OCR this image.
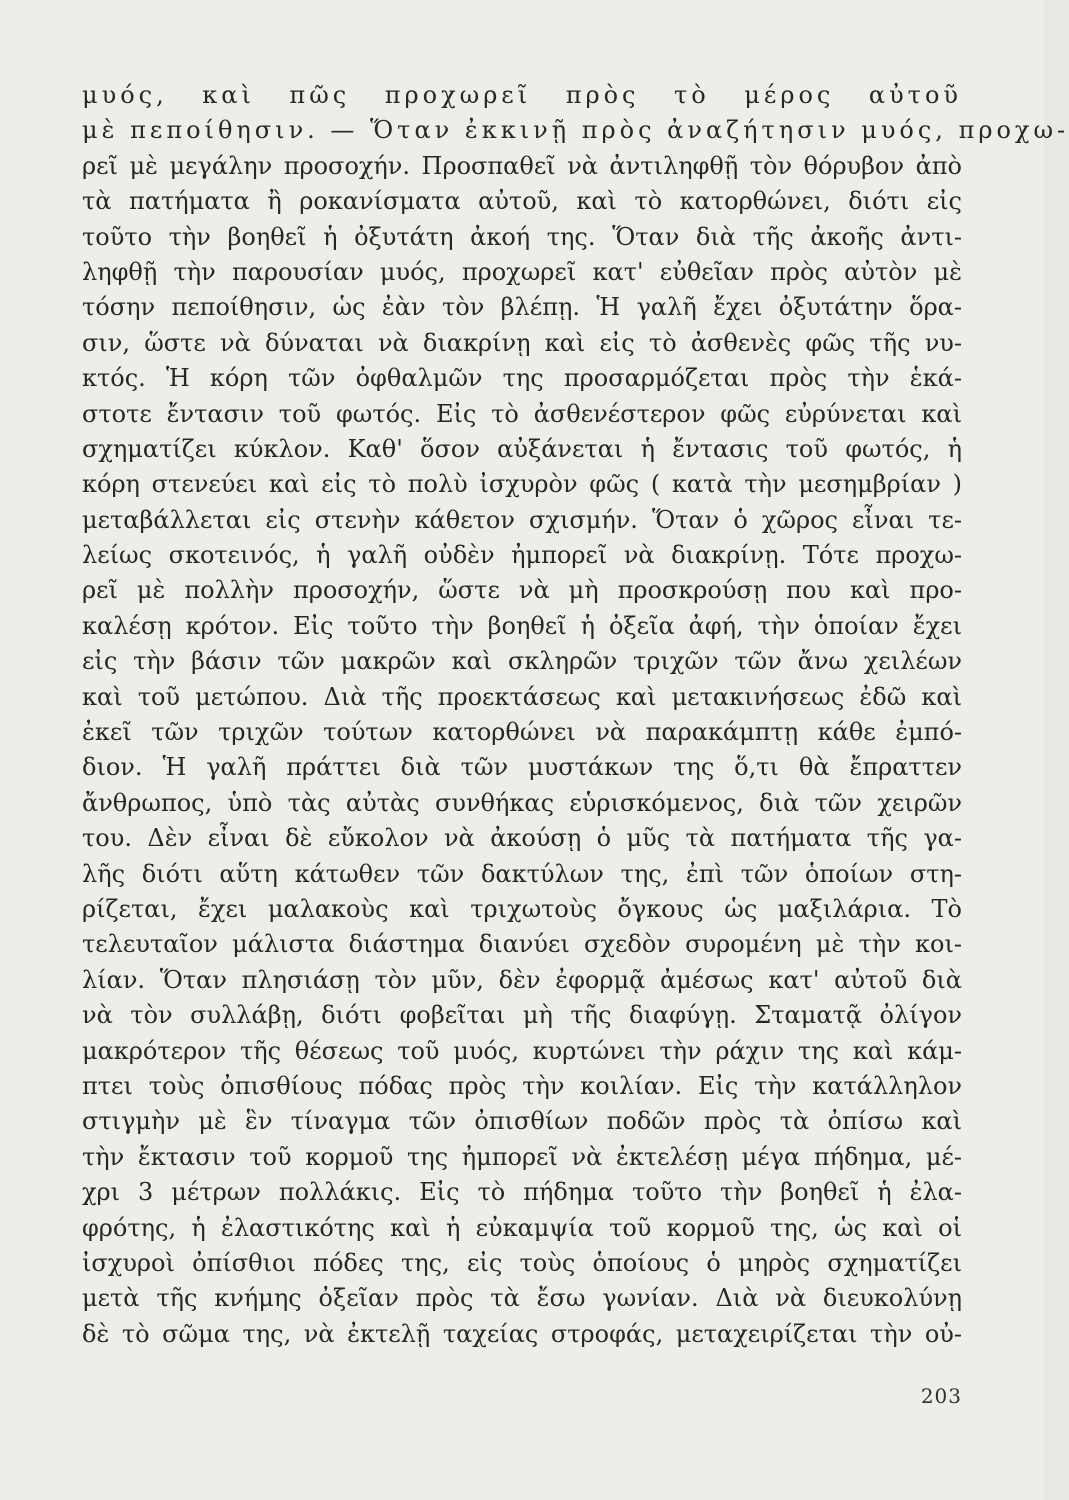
μυός, καὶ πῶς προχωρεῖ πρὸς τὸ μέρος αὐτοῦ
μὲ πεποίθησιν. — Ὅταν ἐκκινῇ πρὸς ἀναζήτησιν μυός, προχω-
ρεῖ μὲ μεγάλην προσοχήν. Προσπαθεῖ νὰ ἀντιληφθῇ τὸν θόρυβον ἀπὸ
τὰ πατήματα ἢ ροκανίσματα αὐτοῦ, καὶ τὸ κατορθώνει, διότι εἰς
τοῦτο τὴν βοηθεῖ ἡ ὀξυτάτη ἀκοή της. Ὅταν διὰ τῆς ἀκοῆς ἀντι-
ληφθῇ τὴν παρουσίαν μυός, προχωρεῖ κατ' εὐθεῖαν πρὸς αὐτὸν μὲ
τόσην πεποίθησιν, ὡς ἐὰν τὸν βλέπῃ. Ἡ γαλῆ ἔχει ὀξυτάτην ὅρα-
σιν, ὥστε νὰ δύναται νὰ διακρίνῃ καὶ εἰς τὸ ἀσθενὲς φῶς τῆς νυ-
κτός. Ἡ κόρη τῶν ὀφθαλμῶν της προσαρμόζεται πρὸς τὴν ἑκά-
στοτε ἔντασιν τοῦ φωτός. Εἰς τὸ ἀσθενέστερον φῶς εὐρύνεται καὶ
σχηματίζει κύκλον. Καθ' ὅσον αὐξάνεται ἡ ἔντασις τοῦ φωτός, ἡ
κόρη στενεύει καὶ εἰς τὸ πολὺ ἰσχυρὸν φῶς ( κατὰ τὴν μεσημβρίαν )
μεταβάλλεται εἰς στενὴν κάθετον σχισμήν. Ὅταν ὁ χῶρος εἶναι τε-
λείως σκοτεινός, ἡ γαλῆ οὐδὲν ἠμπορεῖ νὰ διακρίνῃ. Τότε προχω-
ρεῖ μὲ πολλὴν προσοχήν, ὥστε νὰ μὴ προσκρούσῃ που καὶ προ-
καλέσῃ κρότον. Εἰς τοῦτο τὴν βοηθεῖ ἡ ὀξεῖα ἀφή, τὴν ὁποίαν ἔχει
εἰς τὴν βάσιν τῶν μακρῶν καὶ σκληρῶν τριχῶν τῶν ἄνω χειλέων
καὶ τοῦ μετώπου. Διὰ τῆς προεκτάσεως καὶ μετακινήσεως ἐδῶ καὶ
ἐκεῖ τῶν τριχῶν τούτων κατορθώνει νὰ παρακάμπτῃ κάθε ἐμπό-
διον. Ἡ γαλῆ πράττει διὰ τῶν μυστάκων της ὅ,τι θὰ ἔπραττεν
ἄνθρωπος, ὑπὸ τὰς αὐτὰς συνθήκας εὑρισκόμενος, διὰ τῶν χειρῶν
του. Δὲν εἶναι δὲ εὔκολον νὰ ἀκούσῃ ὁ μῦς τὰ πατήματα τῆς γα-
λῆς διότι αὕτη κάτωθεν τῶν δακτύλων της, ἐπὶ τῶν ὁποίων στη-
ρίζεται, ἔχει μαλακοὺς καὶ τριχωτοὺς ὄγκους ὡς μαξιλάρια. Τὸ
τελευταῖον μάλιστα διάστημα διανύει σχεδὸν συρομένη μὲ τὴν κοι-
λίαν. Ὅταν πλησιάσῃ τὸν μῦν, δὲν ἐφορμᾷ ἀμέσως κατ' αὐτοῦ διὰ
νὰ τὸν συλλάβῃ, διότι φοβεῖται μὴ τῆς διαφύγῃ. Σταματᾷ ὀλίγον
μακρότερον τῆς θέσεως τοῦ μυός, κυρτώνει τὴν ράχιν της καὶ κάμ-
πτει τοὺς ὀπισθίους πόδας πρὸς τὴν κοιλίαν. Εἰς τὴν κατάλληλον
στιγμὴν μὲ ἓν τίναγμα τῶν ὀπισθίων ποδῶν πρὸς τὰ ὀπίσω καὶ
τὴν ἔκτασιν τοῦ κορμοῦ της ἠμπορεῖ νὰ ἐκτελέσῃ μέγα πήδημα, μέ-
χρι 3 μέτρων πολλάκις. Εἰς τὸ πήδημα τοῦτο τὴν βοηθεῖ ἡ ἐλα-
φρότης, ἡ ἐλαστικότης καὶ ἡ εὐκαμψία τοῦ κορμοῦ της, ὡς καὶ οἱ
ἰσχυροὶ ὀπίσθιοι πόδες της, εἰς τοὺς ὁποίους ὁ μηρὸς σχηματίζει
μετὰ τῆς κνήμης ὀξεῖαν πρὸς τὰ ἔσω γωνίαν. Διὰ νὰ διευκολύνῃ
δὲ τὸ σῶμα της, νὰ ἐκτελῇ ταχείας στροφάς, μεταχειρίζεται τὴν οὐ-
203
